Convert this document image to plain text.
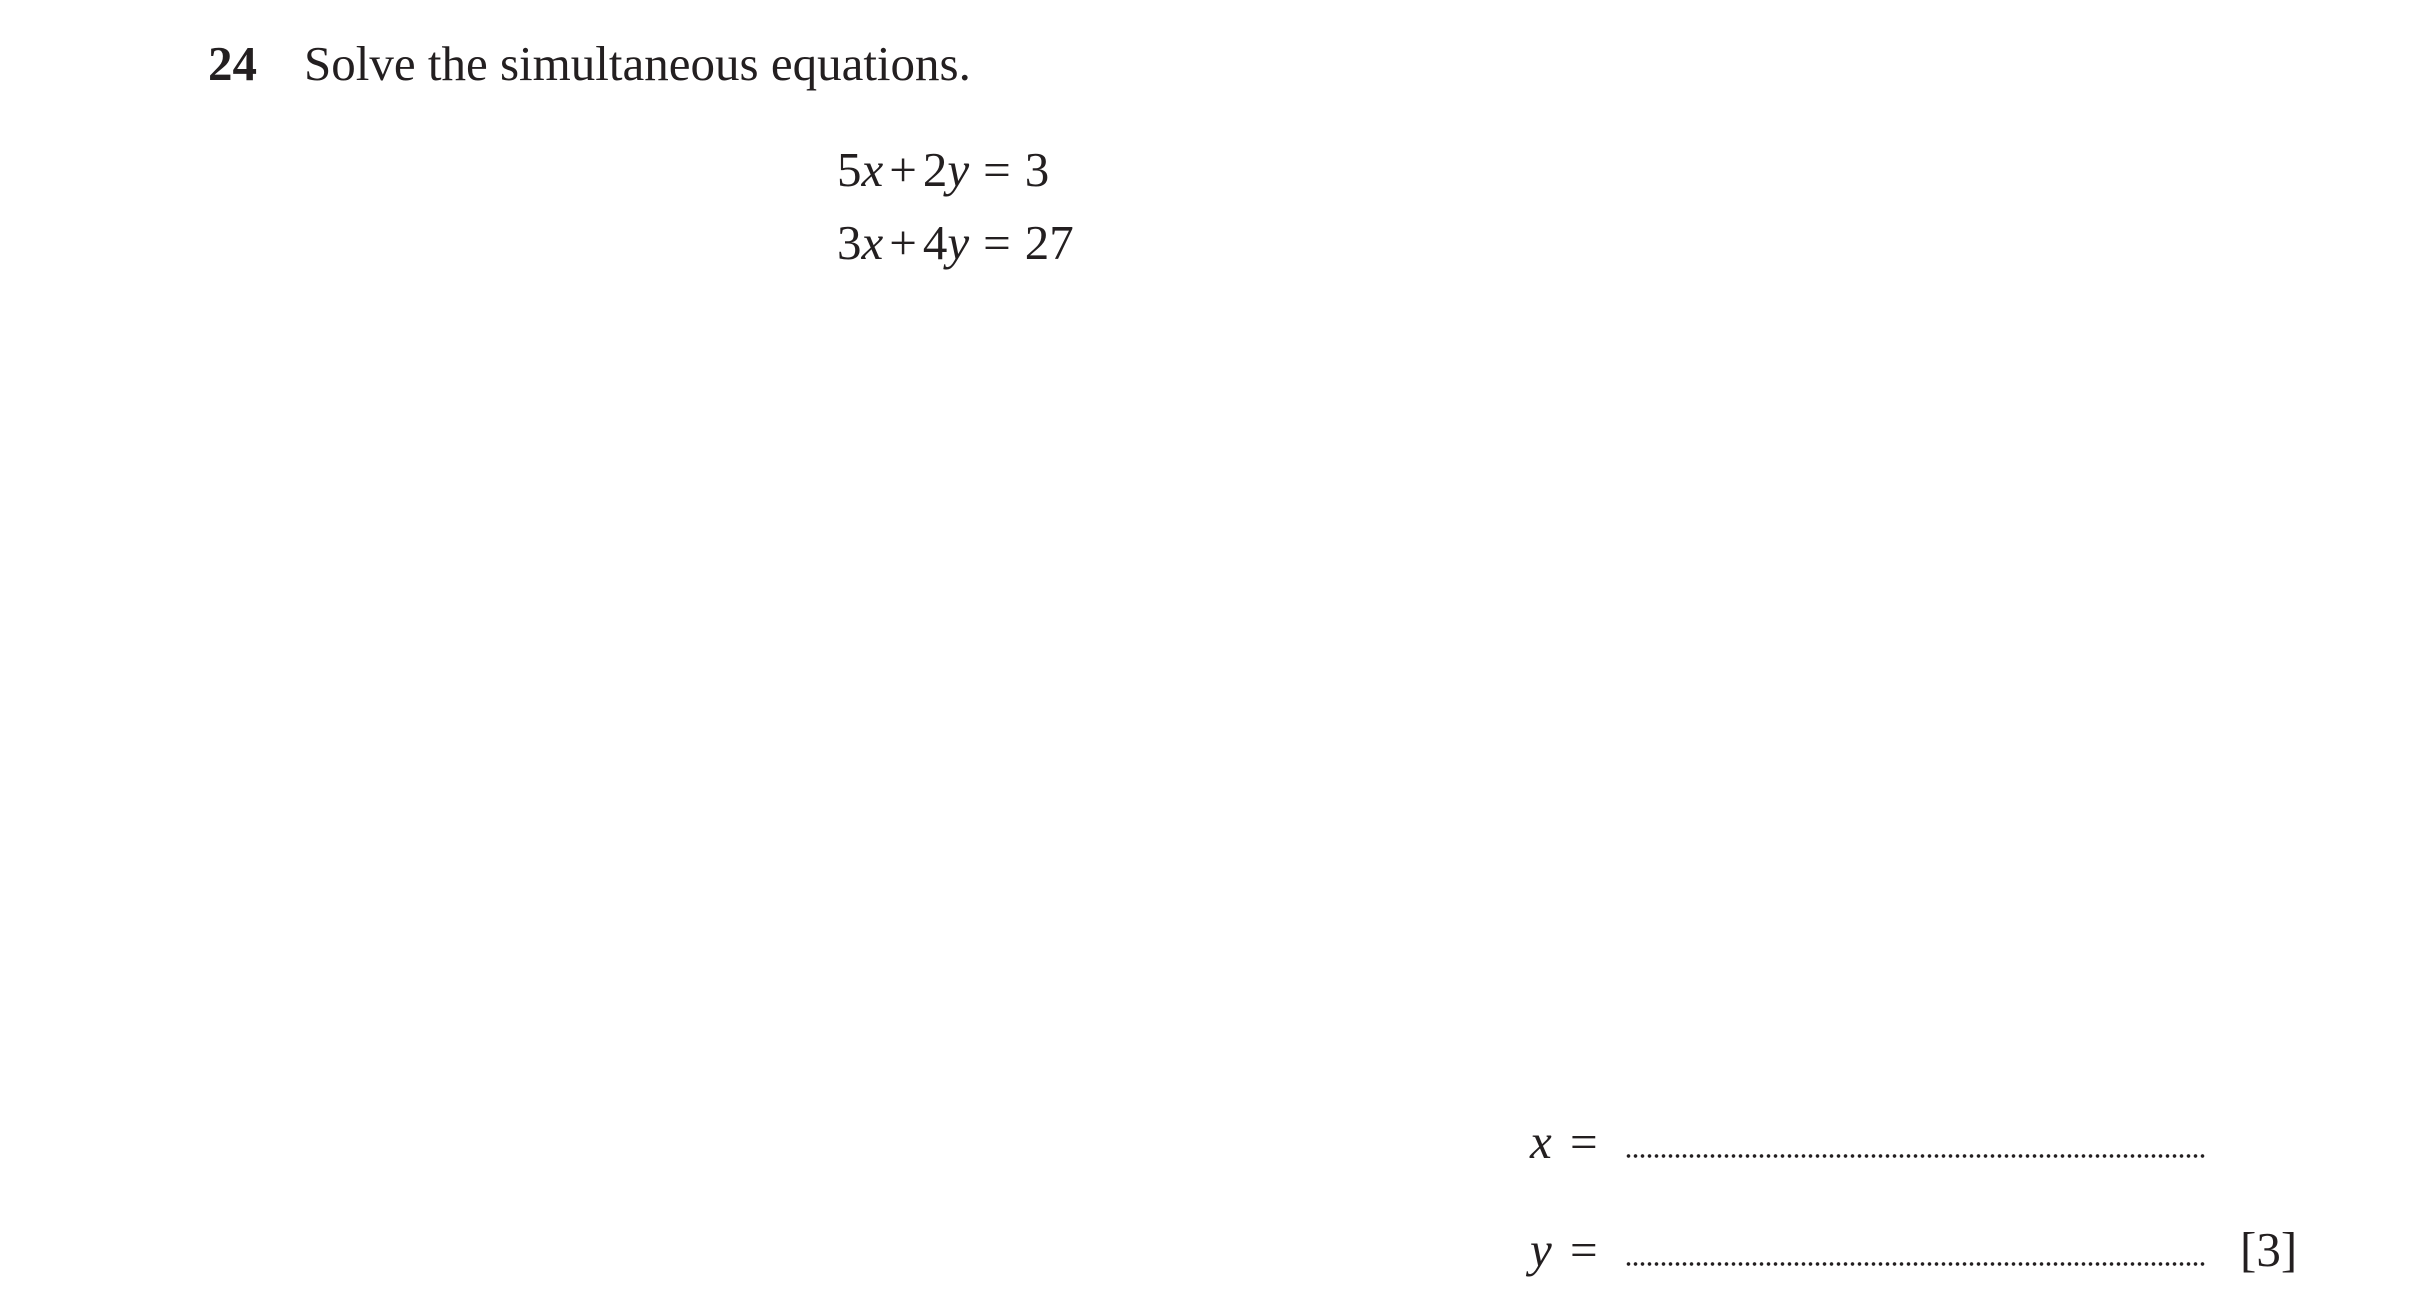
24 Solve the simultaneous equations.
5x + 2y = 3
3x + 4y = 27
x =
y =	[3]
